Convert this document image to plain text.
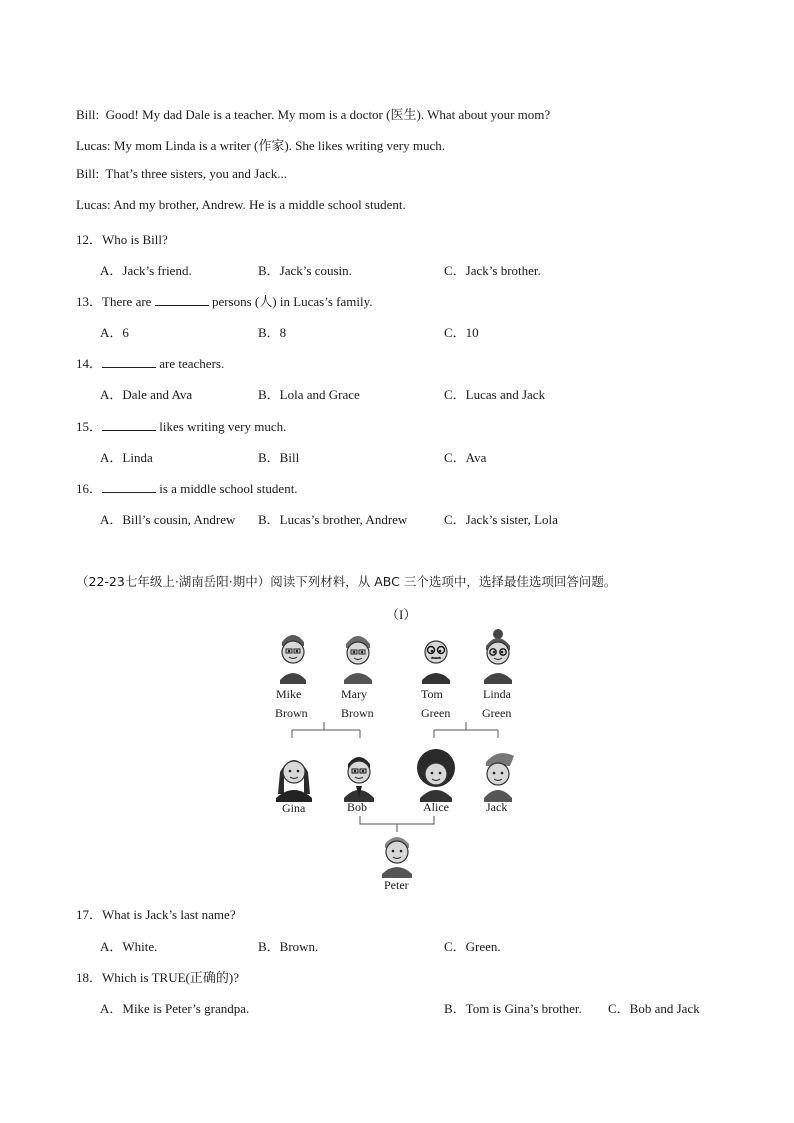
Bill: Good! My dad Dale is a teacher. My mom is a doctor (医生). What about your mom?
Lucas: My mom Linda is a writer (作家). She likes writing very much.
Bill: That’s three sisters, you and Jack...
Lucas: And my brother, Andrew. He is a middle school student.
12．Who is Bill?
A．Jack’s friend.	B．Jack’s cousin.	C．Jack’s brother.
13．There are	persons (人) in Lucas’s family.
A．6	B．8	C．10
14．	are teachers.
A．Dale and Ava	B．Lola and Grace	C．Lucas and Jack
15．	likes writing very much.
A．Linda	B．Bill	C．Ava
16．	is a middle school student.
A．Bill’s cousin, Andrew B．Lucas’s brother, Andrew	C．Jack’s sister, Lola
（22-23七年级上·湖南岳阳·期中）阅读下列材料，从 ABC 三个选项中，选择最佳选项回答问题。
（I）
Mike
Brown
Mary
Brown
Tom
Green
Linda
Green
Gina	Bob	Alice	Jack
Peter
17．What is Jack’s last name?
A．White.	B．Brown.	C．Green.
18．Which is TRUE(正确的)?
A．Mike is Peter’s grandpa.	B．Tom is Gina’s brother. C．Bob and Jack
